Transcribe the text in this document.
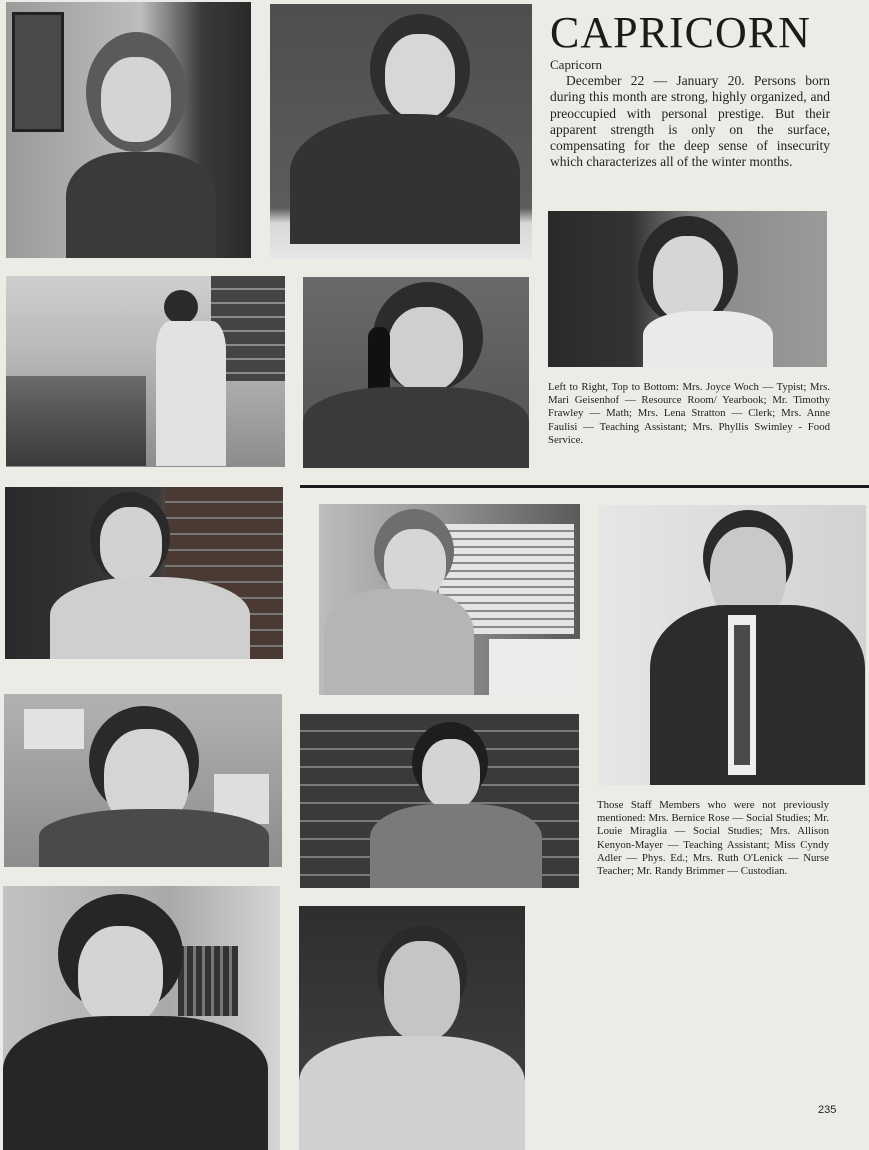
CAPRICORN
Capricorn
December 22 — January 20. Persons born during this month are strong, highly organized, and preoccupied with personal prestige. But their apparent strength is only on the surface, compensating for the deep sense of insecurity which characterizes all of the winter months.
Left to Right, Top to Bottom: Mrs. Joyce Woch — Typist; Mrs. Mari Geisenhof — Resource Room/ Yearbook; Mr. Timothy Frawley — Math; Mrs. Lena Stratton — Clerk; Mrs. Anne Faulisi — Teaching Assistant; Mrs. Phyllis Swimley - Food Service.
Those Staff Members who were not previously mentioned: Mrs. Bernice Rose — Social Studies; Mr. Louie Miraglia — Social Studies; Mrs. Allison Kenyon-Mayer — Teaching Assistant; Miss Cyndy Adler — Phys. Ed.; Mrs. Ruth O'Lenick — Nurse Teacher; Mr. Randy Brimmer — Custodian.
235
